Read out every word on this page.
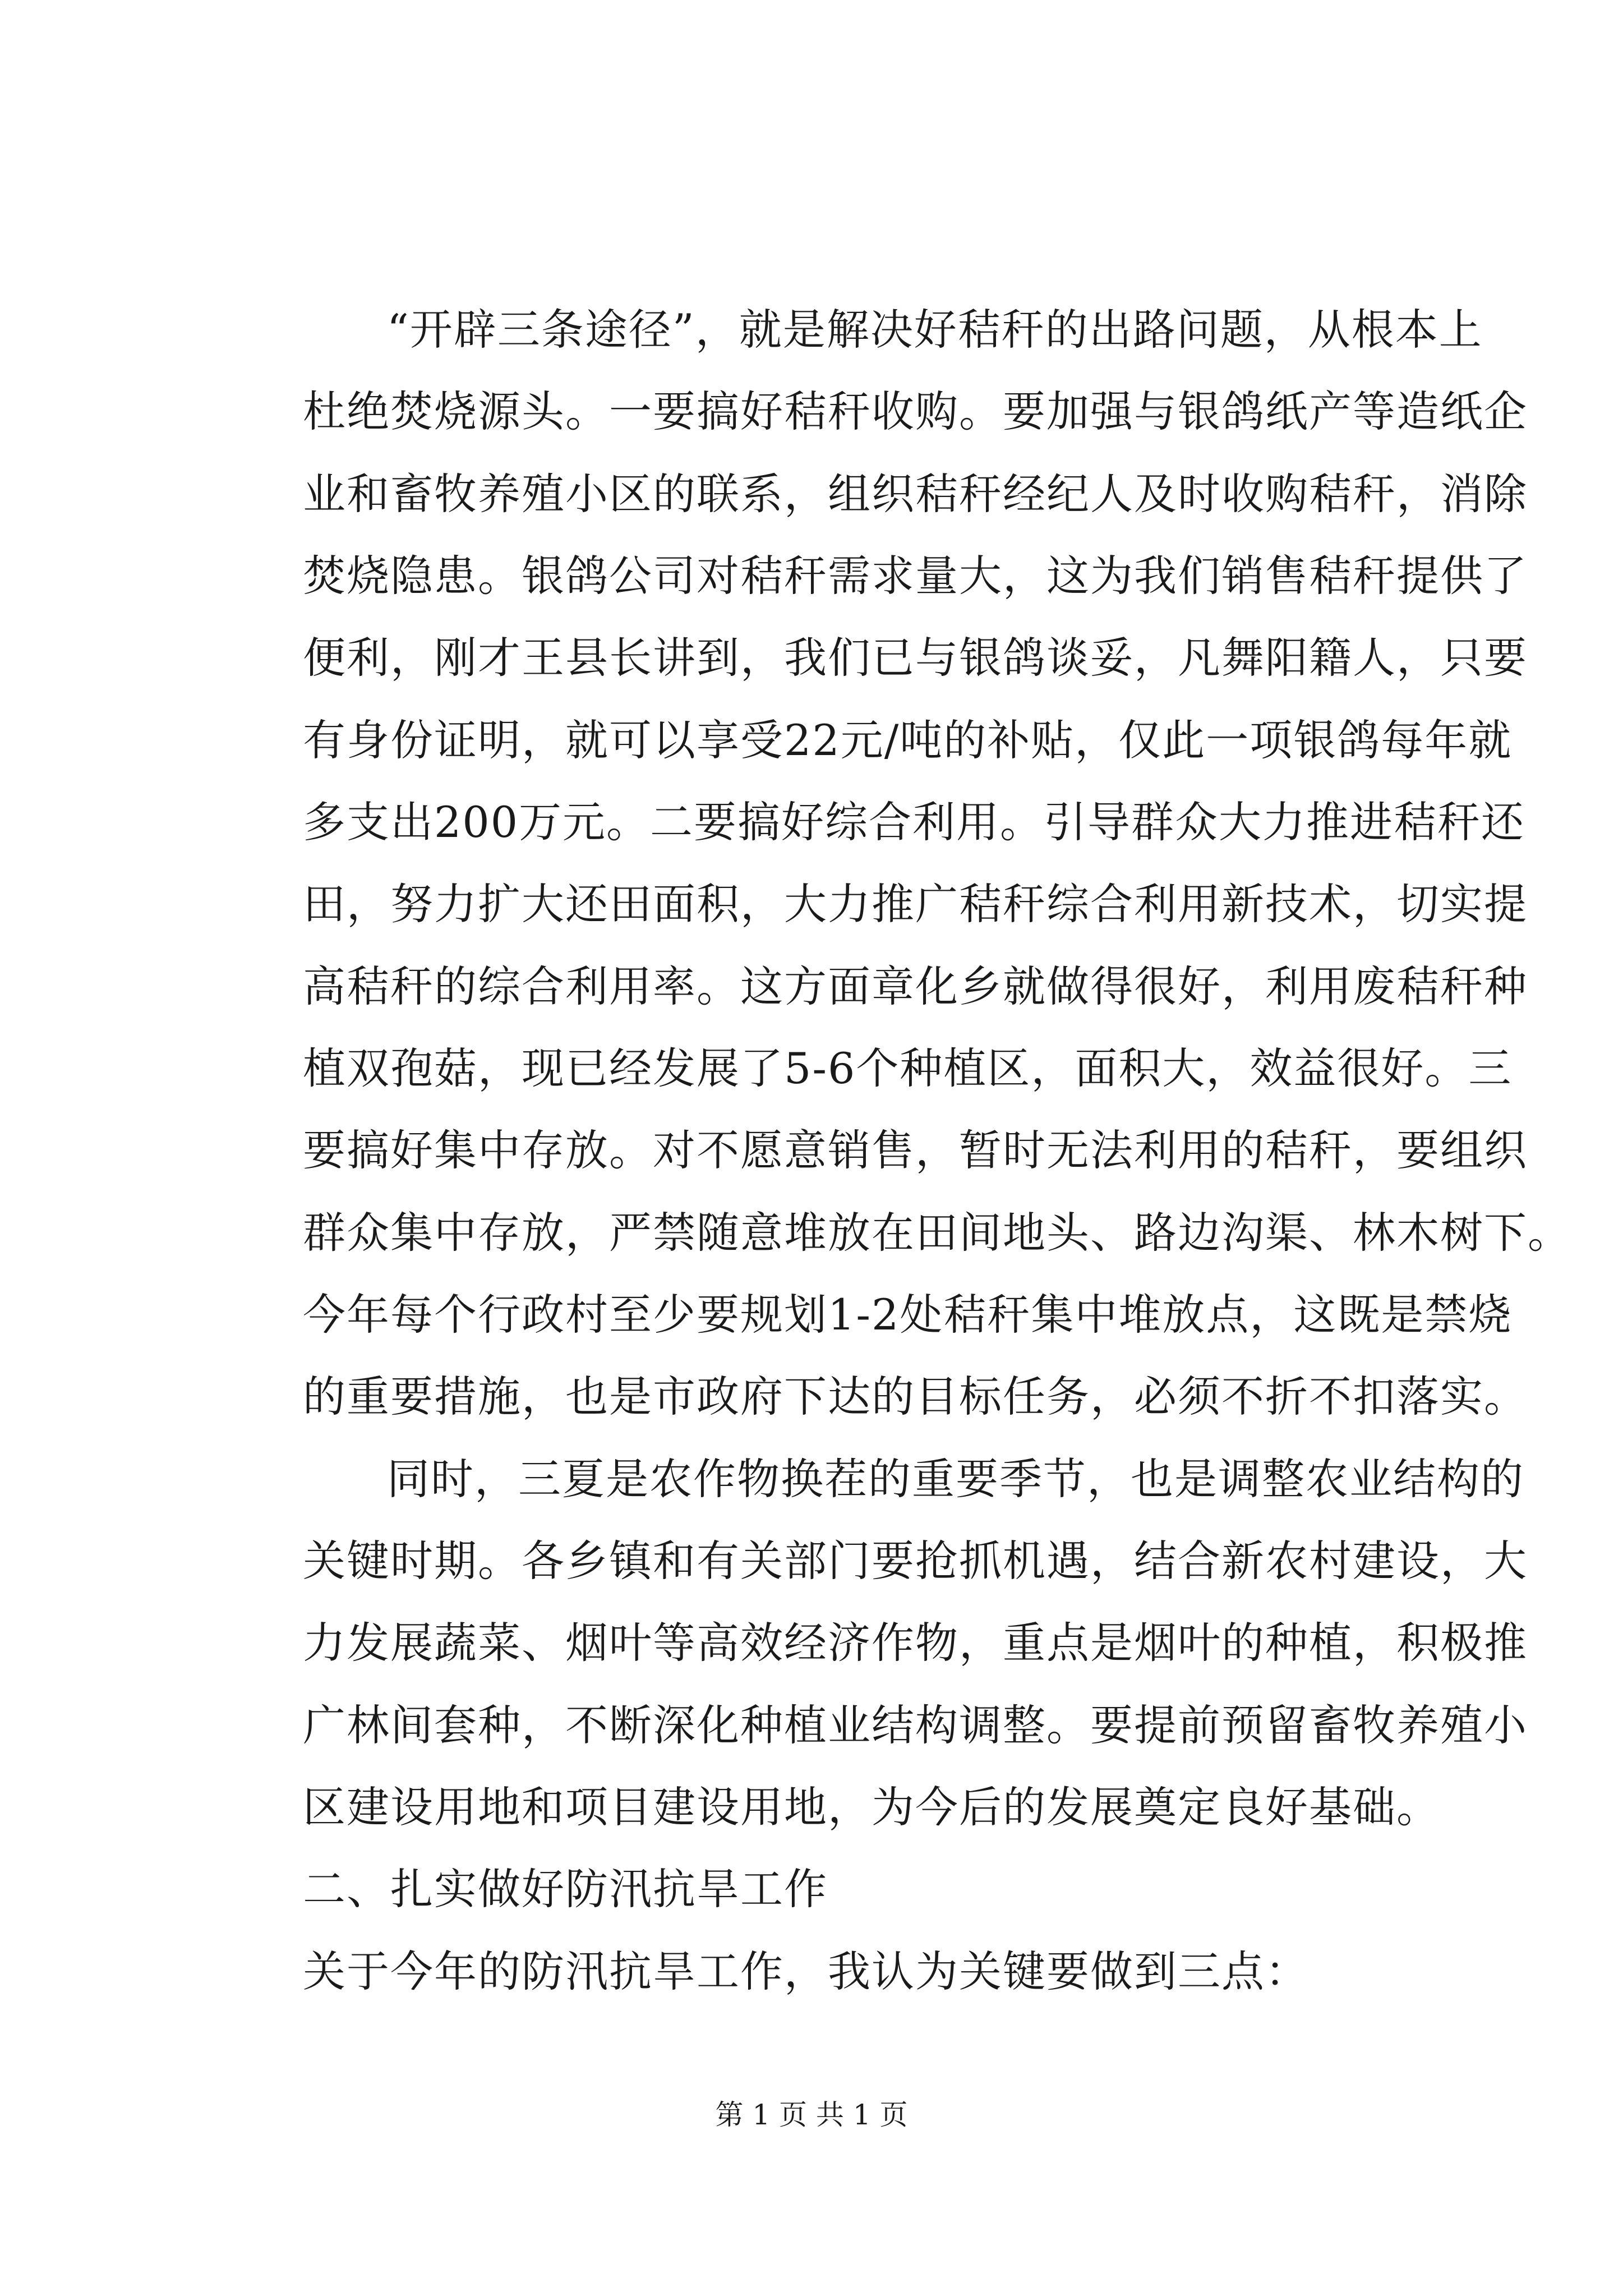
“开辟三条途径”，就是解决好秸秆的出路问题，从根本上
杜绝焚烧源头。一要搞好秸秆收购。要加强与银鸽纸产等造纸企
业和畜牧养殖小区的联系，组织秸秆经纪人及时收购秸秆，消除
焚烧隐患。银鸽公司对秸秆需求量大，这为我们销售秸秆提供了
便利，刚才王县长讲到，我们已与银鸽谈妥，凡舞阳籍人，只要
有身份证明，就可以享受22元/吨的补贴，仅此一项银鸽每年就
多支出200万元。二要搞好综合利用。引导群众大力推进秸秆还
田，努力扩大还田面积，大力推广秸秆综合利用新技术，切实提
高秸秆的综合利用率。这方面章化乡就做得很好，利用废秸秆种
植双孢菇，现已经发展了5-6个种植区，面积大，效益很好。三
要搞好集中存放。对不愿意销售，暂时无法利用的秸秆，要组织
群众集中存放，严禁随意堆放在田间地头、路边沟渠、林木树下。
今年每个行政村至少要规划1-2处秸秆集中堆放点，这既是禁烧
的重要措施，也是市政府下达的目标任务，必须不折不扣落实。
同时，三夏是农作物换茬的重要季节，也是调整农业结构的
关键时期。各乡镇和有关部门要抢抓机遇，结合新农村建设，大
力发展蔬菜、烟叶等高效经济作物，重点是烟叶的种植，积极推
广林间套种，不断深化种植业结构调整。要提前预留畜牧养殖小
区建设用地和项目建设用地，为今后的发展奠定良好基础。
二、扎实做好防汛抗旱工作
关于今年的防汛抗旱工作，我认为关键要做到三点：
第 1 页 共 1 页
